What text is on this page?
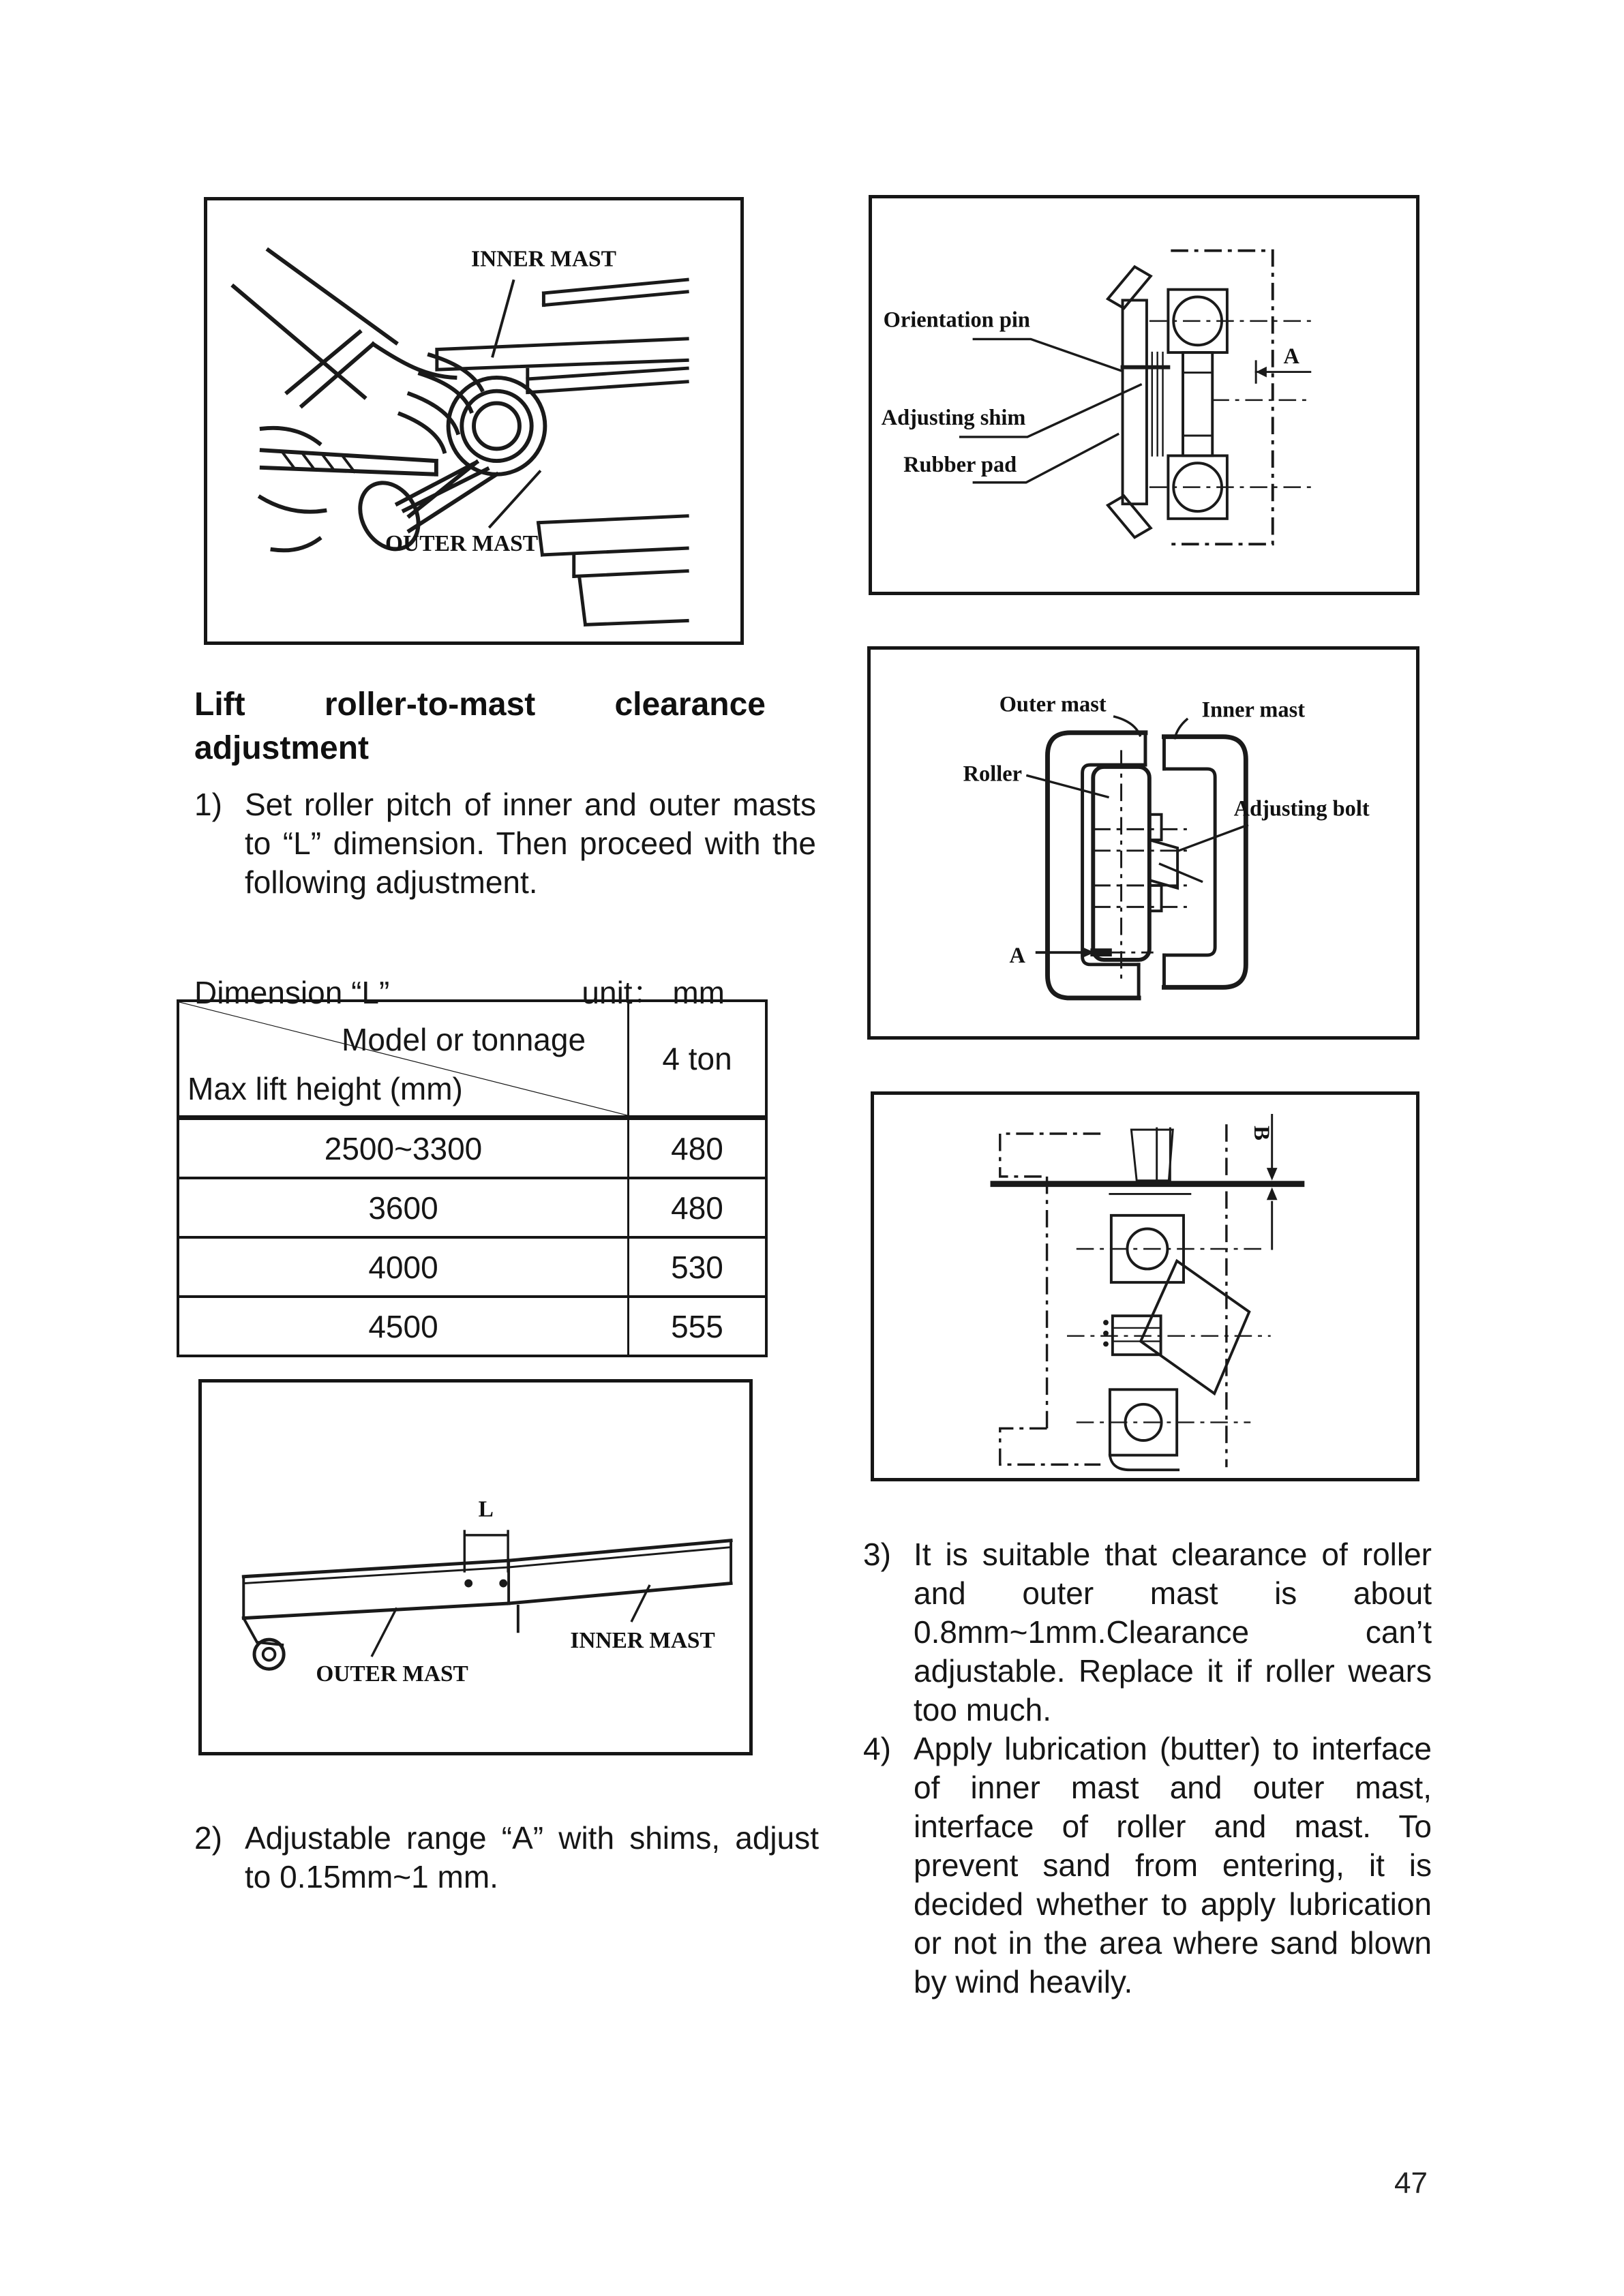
INNER MAST
OUTER MAST
A
Orientation pin
Adjusting shim
Rubber pad
A
Outer mast	Inner mast
Roller
Adjusting bolt
B
L
OUTER MAST
INNER MAST
Lift roller-to-mast clearance
adjustment
1) Set roller pitch of inner and outer masts to “L” dimension. Then proceed with the following adjustment.
Dimension “L”	unit： mm
Model or tonnage
Max lift height (mm)
4 ton
2500~3300	480
3600	480
4000	530
4500	555
2) Adjustable range “A” with shims, adjust to 0.15mm~1 mm.
3) It is suitable that clearance of roller and outer mast is about 0.8mm~1mm.Clearance can’t adjustable. Replace it if roller wears too much.
4) Apply lubrication (butter) to interface of inner mast and outer mast, interface of roller and mast. To prevent sand from entering, it is decided whether to apply lubrication or not in the area where sand blown by wind heavily.
47
